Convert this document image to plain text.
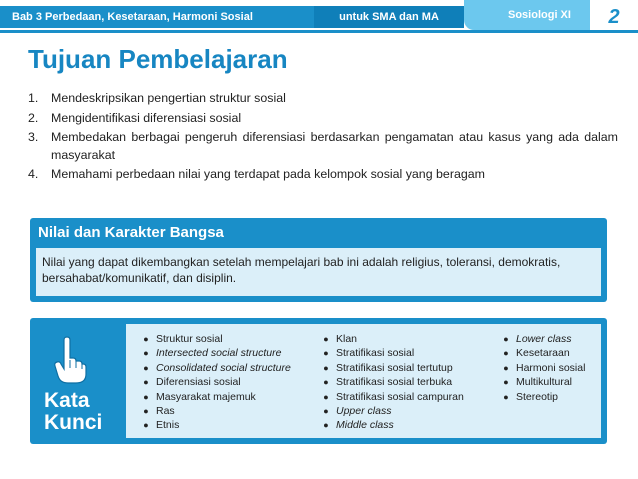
Bab 3 Perbedaan, Kesetaraan, Harmoni Sosial	untuk SMA dan MA	Sosiologi XI	2
Tujuan Pembelajaran
1.	Mendeskripsikan pengertian struktur sosial
2.	Mengidentifikasi diferensiasi sosial
3.	Membedakan berbagai pengeruh diferensiasi berdasarkan pengamatan atau kasus yang ada dalam masyarakat
4.	Memahami perbedaan nilai yang terdapat pada kelompok sosial yang beragam
Nilai dan Karakter Bangsa
Nilai yang dapat dikembangkan setelah mempelajari bab ini adalah religius, toleransi, demokratis, bersahabat/komunikatif, dan disiplin.
Kata
Kunci
● Struktur sosial
● Intersected social structure
● Consolidated social structure
● Diferensiasi sosial
● Masyarakat majemuk
● Ras
● Etnis
● Klan
● Stratifikasi sosial
● Stratifikasi sosial tertutup
● Stratifikasi sosial terbuka
● Stratifikasi sosial campuran
● Upper class
● Middle class
● Lower class
● Kesetaraan
● Harmoni sosial
● Multikultural
● Stereotip
